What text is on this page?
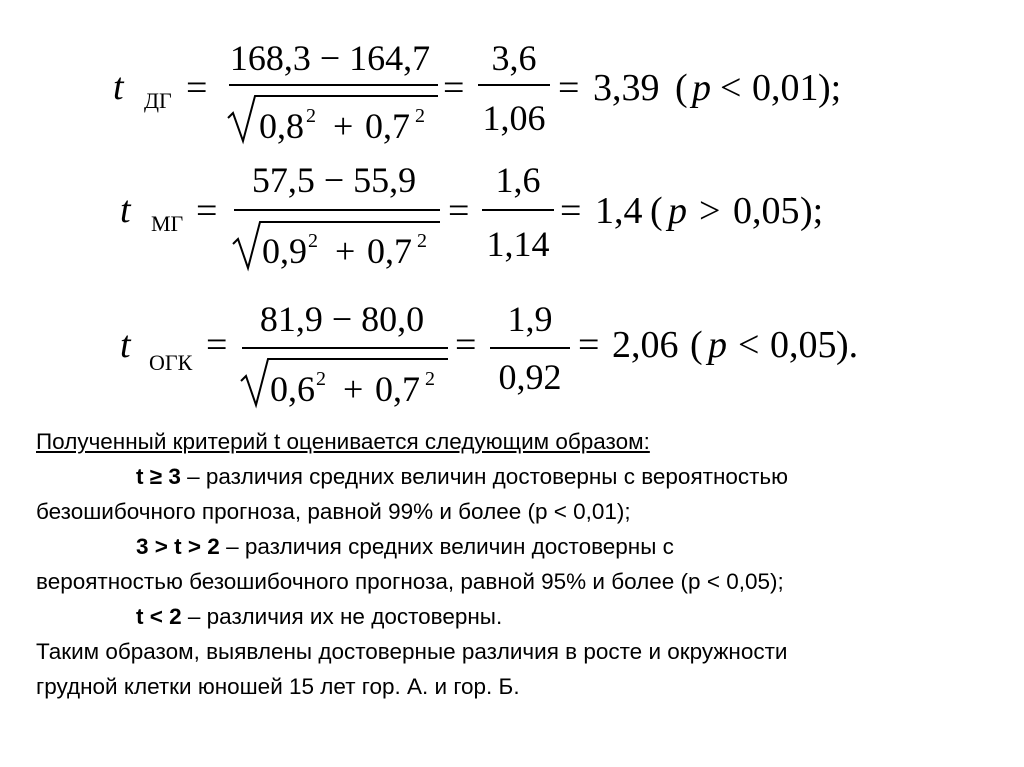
t ДГ =
168,3 − 164,7
0,8 2 + 0,7 2
=
3,6
1,06
= 3,39 ( p < 0,01 );
t МГ =
57,5 − 55,9
0,9 2 + 0,7 2
=
1,6
1,14
= 1,4 ( p > 0,05 );
t ОГК =
81,9 − 80,0
0,6 2 + 0,7 2
=
1,9
0,92
= 2,06 ( p < 0,05 ).
Полученный критерий t оценивается следующим образом:
t ≥ 3 – различия средних величин достоверны с вероятностью
безошибочного прогноза, равной 99% и более (р < 0,01);
3 > t > 2 – различия средних величин достоверны с
вероятностью безошибочного прогноза, равной 95% и более (р < 0,05);
t < 2 – различия их не достоверны.
Таким образом, выявлены достоверные различия в росте и окружности
грудной клетки юношей 15 лет гор. А. и гор. Б.
